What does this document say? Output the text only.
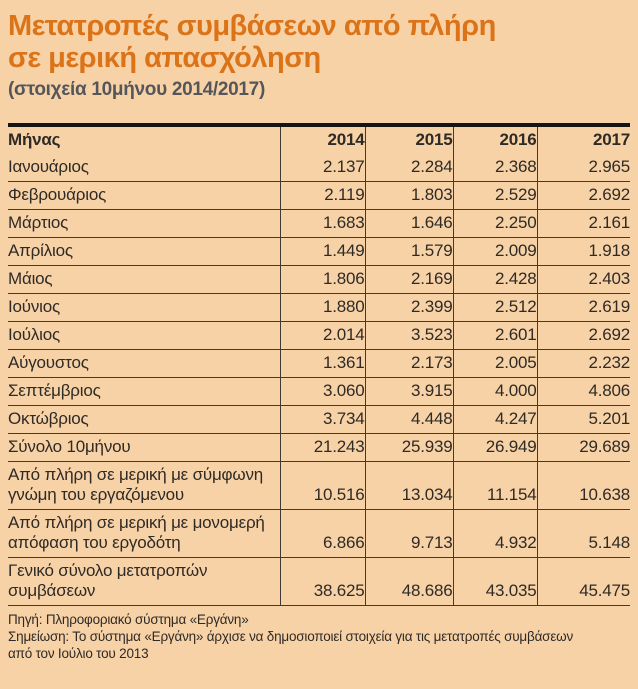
Μετατροπές συμβάσεων από πλήρη
σε μερική απασχόληση
(στοιχεία 10μήνου 2014/2017)
Μήνας	2014	2015	2016	2017
Ιανουάριος	2.137	2.284	2.368	2.965
Φεβρουάριος	2.119	1.803	2.529	2.692
Μάρτιος	1.683	1.646	2.250	2.161
Απρίλιος	1.449	1.579	2.009	1.918
Μάιος	1.806	2.169	2.428	2.403
Ιούνιος	1.880	2.399	2.512	2.619
Ιούλιος	2.014	3.523	2.601	2.692
Αύγουστος	1.361	2.173	2.005	2.232
Σεπτέμβριος	3.060	3.915	4.000	4.806
Οκτώβριος	3.734	4.448	4.247	5.201
Σύνολο 10μήνου	21.243	25.939	26.949	29.689
Από πλήρη σε μερική με σύμφωνη γνώμη του εργαζόμενου	10.516	13.034	11.154	10.638
Από πλήρη σε μερική με μονομερή απόφαση του εργοδότη	6.866	9.713	4.932	5.148
Γενικό σύνολο μετατροπών συμβάσεων	38.625	48.686	43.035	45.475
Πηγή: Πληροφοριακό σύστημα «Εργάνη»
Σημείωση: Το σύστημα «Εργάνη» άρχισε να δημοσιοποιεί στοιχεία για τις μετατροπές συμβάσεων από τον Ιούλιο του 2013
